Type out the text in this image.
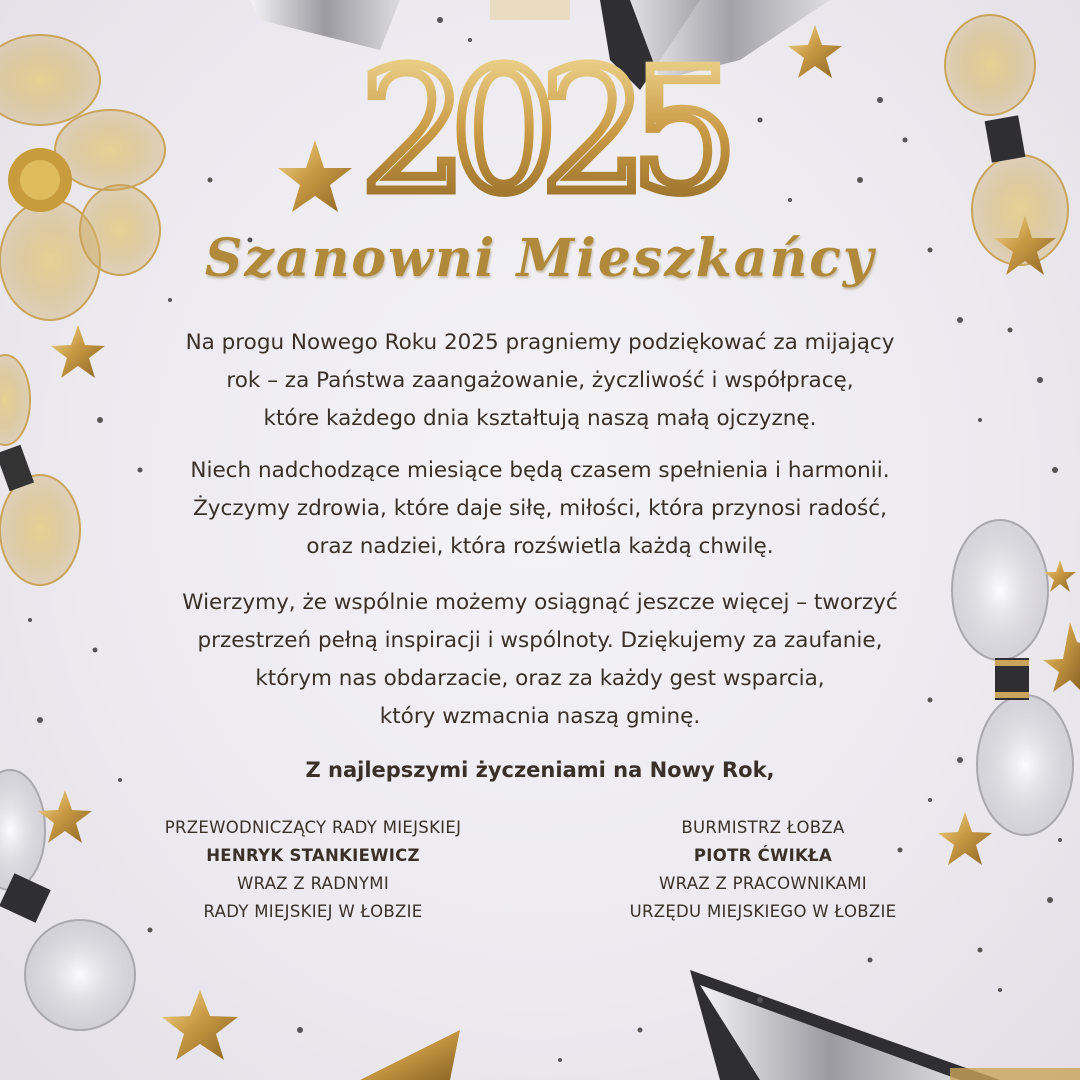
2025
Szanowni Mieszkańcy
Na progu Nowego Roku 2025 pragniemy podziękować za mijający
rok – za Państwa zaangażowanie, życzliwość i współpracę,
które każdego dnia kształtują naszą małą ojczyznę.
Niech nadchodzące miesiące będą czasem spełnienia i harmonii.
Życzymy zdrowia, które daje siłę, miłości, która przynosi radość,
oraz nadziei, która rozświetla każdą chwilę.
Wierzymy, że wspólnie możemy osiągnąć jeszcze więcej – tworzyć
przestrzeń pełną inspiracji i wspólnoty. Dziękujemy za zaufanie,
którym nas obdarzacie, oraz za każdy gest wsparcia,
który wzmacnia naszą gminę.
Z najlepszymi życzeniami na Nowy Rok,
PRZEWODNICZĄCY RADY MIEJSKIEJ
HENRYK STANKIEWICZ
WRAZ Z RADNYMI
RADY MIEJSKIEJ W ŁOBZIE
BURMISTRZ ŁOBZA
PIOTR ĆWIKŁA
WRAZ Z PRACOWNIKAMI
URZĘDU MIEJSKIEGO W ŁOBZIE
